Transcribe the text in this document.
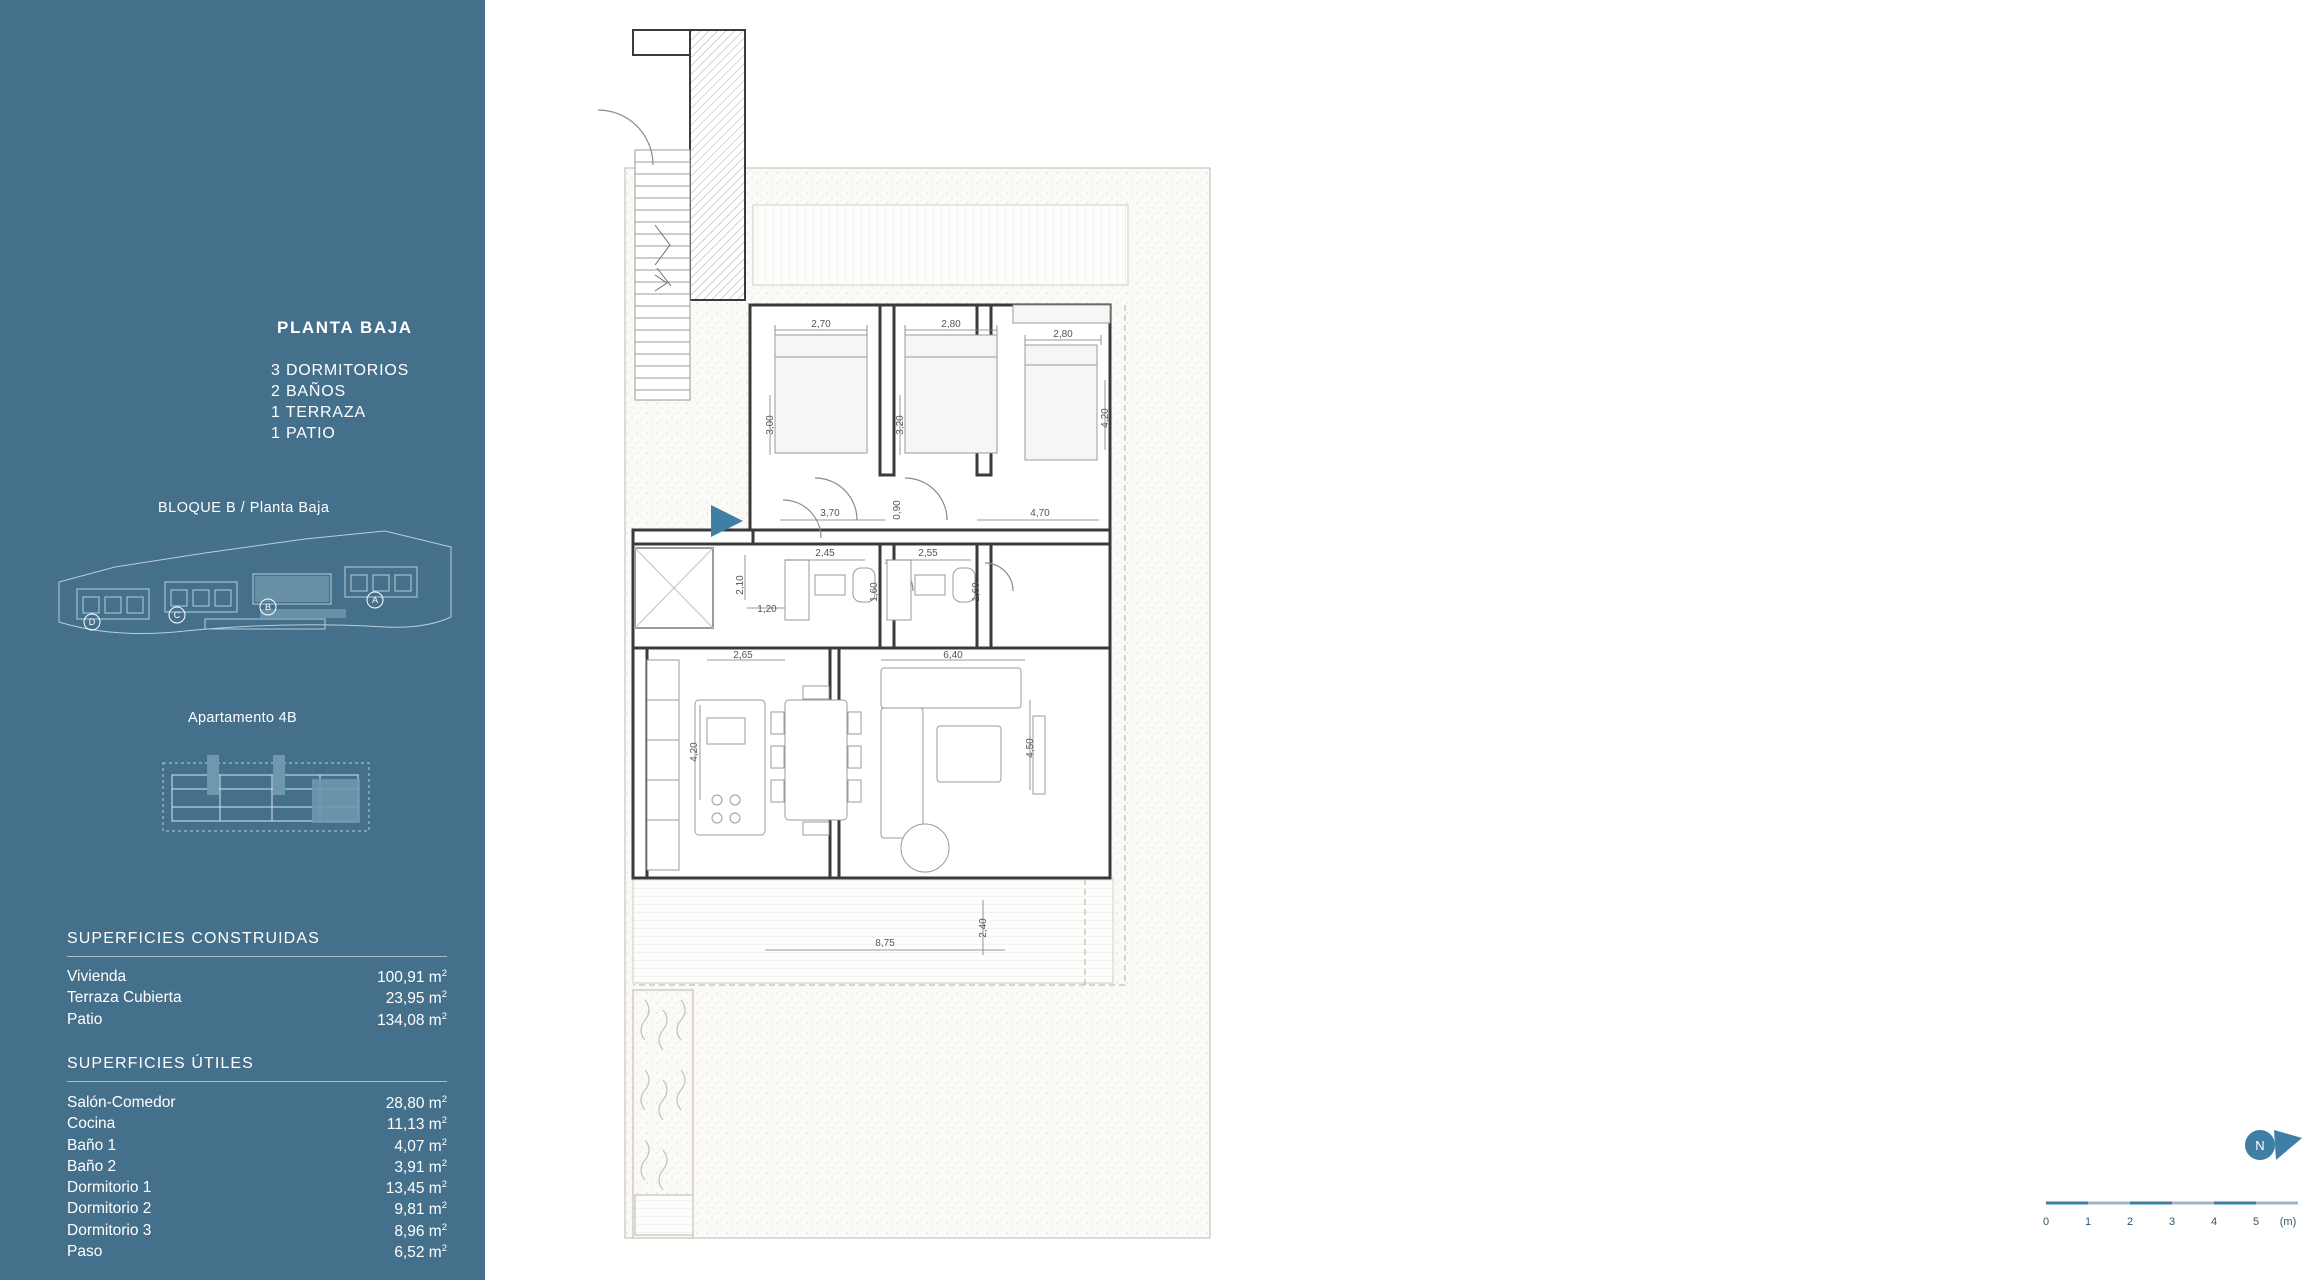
PLANTA BAJA
3 DORMITORIOS
2 BAÑOS
1 TERRAZA
1 PATIO
BLOQUE B / Planta Baja
D
C
B
A
Apartamento 4B
SUPERFICIES CONSTRUIDAS
Vivienda	100,91 $m^2$
Terraza Cubierta	23,95 $m^2$
Patio	134,08 $m^2$
SUPERFICIES ÚTILES
Salón-Comedor	28,80 $m^2$
Cocina	11,13 $m^2$
Baño 1	4,07 $m^2$
Baño 2	3,91 $m^2$
Dormitorio 1	13,45 $m^2$
Dormitorio 2	9,81 $m^2$
Dormitorio 3	8,96 $m^2$
Paso	6,52 $m^2$
2,70	2,80
2,80
3,00	3,20	4,20
3,70	4,70
0,90
2,45	2,55
1,60	1,60
2,10
1,20
2,65
4,20
6,40
4,50
8,75
2,40
N
0	1	2	3	4	5 (m)
